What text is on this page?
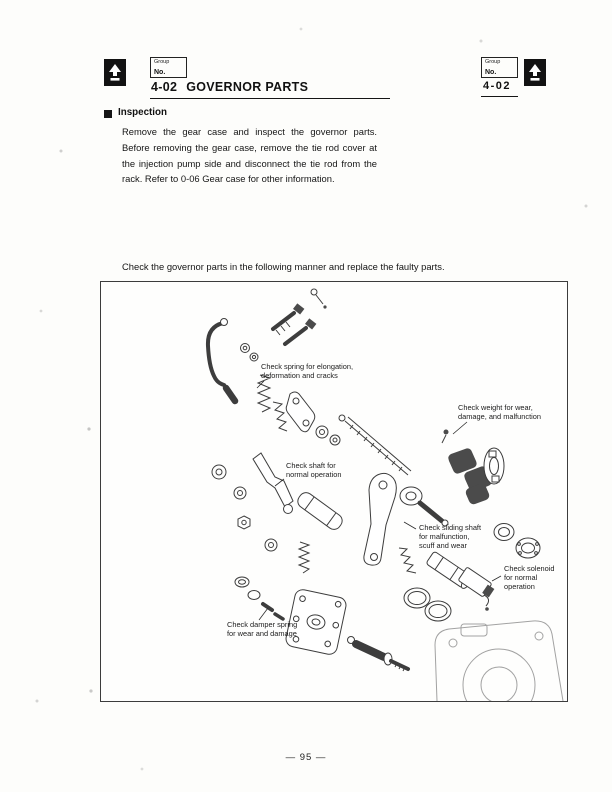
Group
No.
4-02 GOVERNOR PARTS
Group
No.
4-02
Inspection
Remove the gear case and inspect the governor parts. Before removing the gear case, remove the tie rod cover at the injection pump side and disconnect the tie rod from the rack. Refer to 0-06 Gear case for other information.
Check the governor parts in the following manner and replace the faulty parts.
Check spring for elongation,
deformation and cracks
Check weight for wear,
damage, and malfunction
Check shaft for
normal operation
Check sliding shaft
for malfunction,
scuff and wear
Check solenoid
for normal
operation
Check damper spring
for wear and damage
— 95 —
